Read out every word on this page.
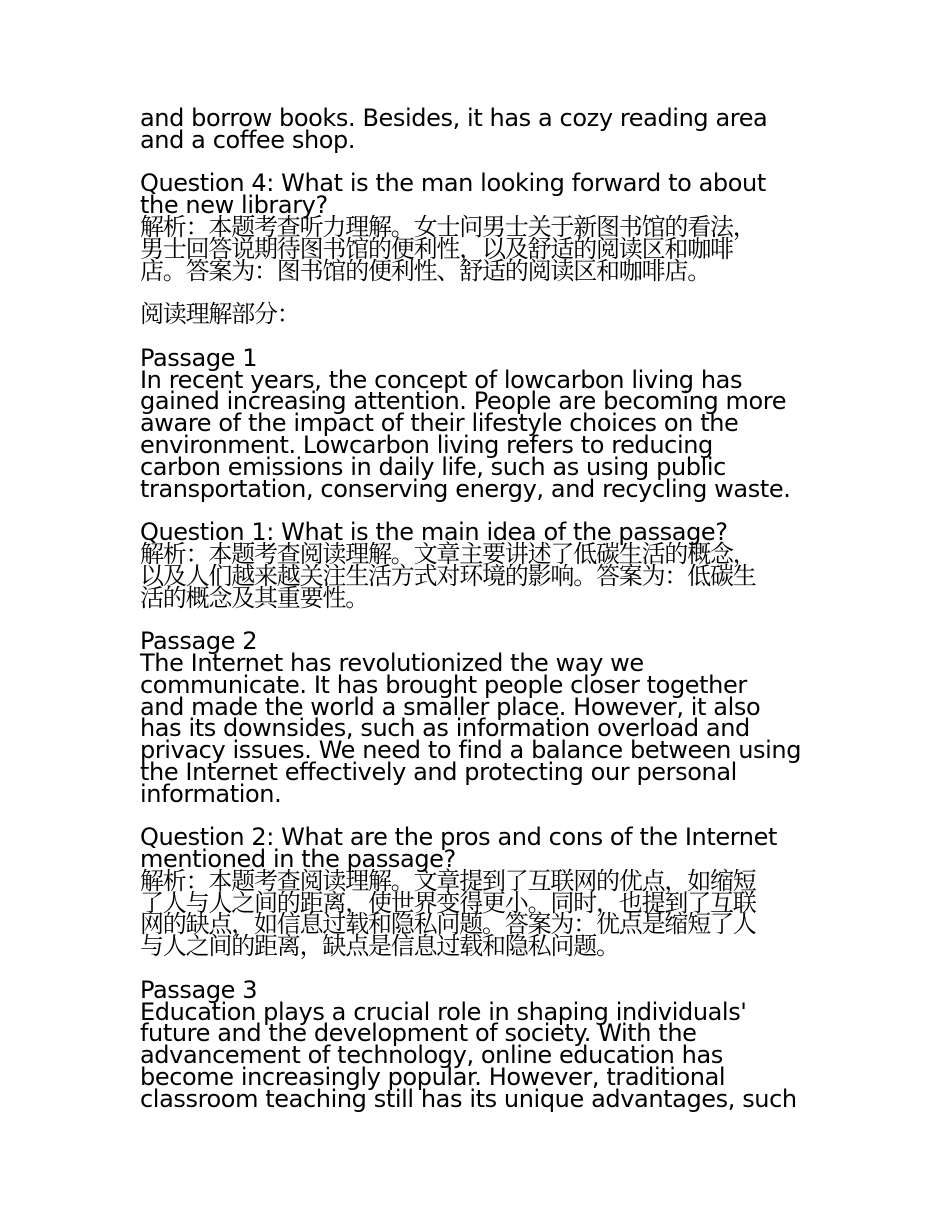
and borrow books. Besides, it has a cozy reading area
and a coffee shop.

Question 4: What is the man looking forward to about
the new library?
解析：本题考查听力理解。女士问男士关于新图书馆的看法，
男士回答说期待图书馆的便利性，以及舒适的阅读区和咖啡
店。答案为：图书馆的便利性、舒适的阅读区和咖啡店。

阅读理解部分：

Passage 1
In recent years, the concept of lowcarbon living has
gained increasing attention. People are becoming more
aware of the impact of their lifestyle choices on the
environment. Lowcarbon living refers to reducing
carbon emissions in daily life, such as using public
transportation, conserving energy, and recycling waste.

Question 1: What is the main idea of the passage?
解析：本题考查阅读理解。文章主要讲述了低碳生活的概念，
以及人们越来越关注生活方式对环境的影响。答案为：低碳生
活的概念及其重要性。

Passage 2
The Internet has revolutionized the way we
communicate. It has brought people closer together
and made the world a smaller place. However, it also
has its downsides, such as information overload and
privacy issues. We need to find a balance between using
the Internet effectively and protecting our personal
information.

Question 2: What are the pros and cons of the Internet
mentioned in the passage?
解析：本题考查阅读理解。文章提到了互联网的优点，如缩短
了人与人之间的距离，使世界变得更小。同时，也提到了互联
网的缺点，如信息过载和隐私问题。答案为：优点是缩短了人
与人之间的距离，缺点是信息过载和隐私问题。

Passage 3
Education plays a crucial role in shaping individuals'
future and the development of society. With the
advancement of technology, online education has
become increasingly popular. However, traditional
classroom teaching still has its unique advantages, such
